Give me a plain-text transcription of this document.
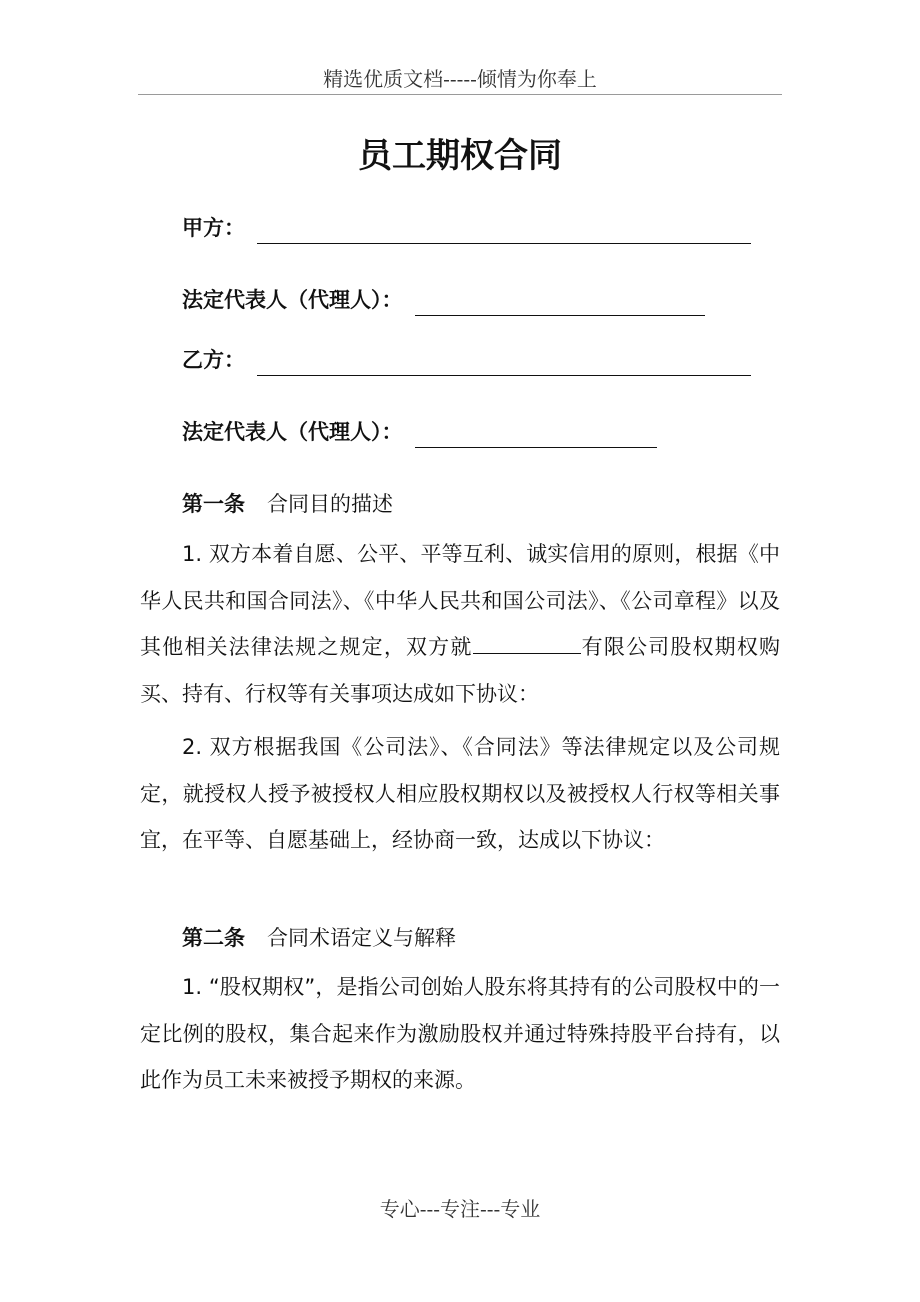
精选优质文档-----倾情为你奉上
员工期权合同
甲方：
法定代表人（代理人）：
乙方：
法定代表人（代理人）：
第一条 合同目的描述

1. 双方本着自愿、公平、平等互利、诚实信用的原则，根据《中华人民共和国合同法》、《中华人民共和国公司法》、《公司章程》以及其他相关法律法规之规定，双方就	有限公司股权期权购买、持有、行权等有关事项达成如下协议：

2. 双方根据我国《公司法》、《合同法》等法律规定以及公司规定，就授权人授予被授权人相应股权期权以及被授权人行权等相关事宜，在平等、自愿基础上，经协商一致，达成以下协议：

第二条 合同术语定义与解释

1. “股权期权”，是指公司创始人股东将其持有的公司股权中的一定比例的股权，集合起来作为激励股权并通过特殊持股平台持有，以此作为员工未来被授予期权的来源。

专心---专注---专业
